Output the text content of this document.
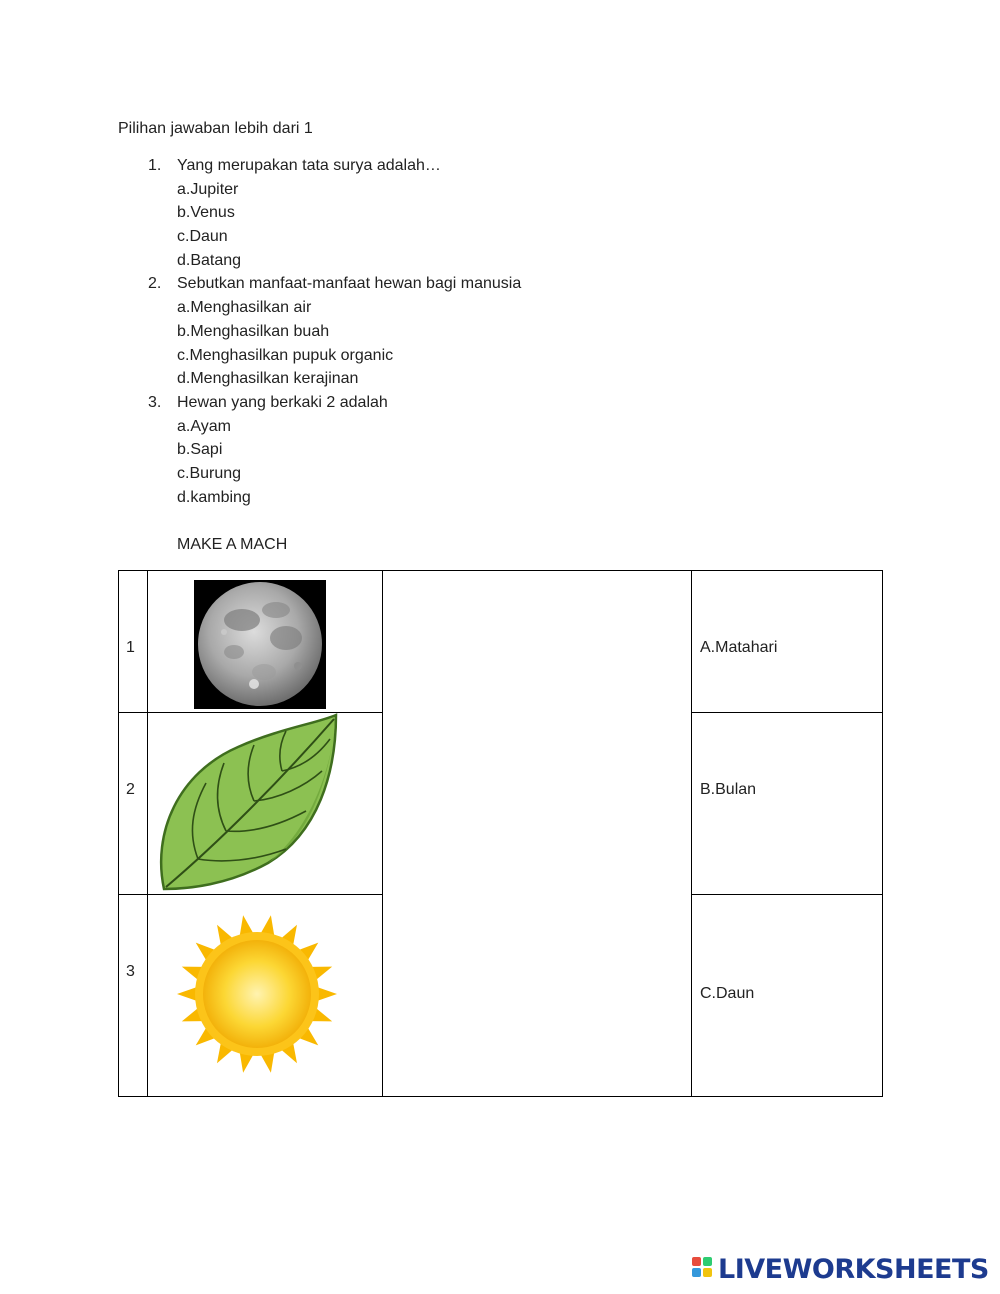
Pilihan jawaban lebih dari 1
1. Yang merupakan tata surya adalah…
a.Jupiter
b.Venus
c.Daun
d.Batang
2. Sebutkan manfaat-manfaat hewan bagi manusia
a.Menghasilkan air
b.Menghasilkan buah
c.Menghasilkan pupuk organic
d.Menghasilkan kerajinan
3. Hewan yang berkaki 2 adalah
a.Ayam
b.Sapi
c.Burung
d.kambing
MAKE A MACH
1
2
3
A.Matahari
B.Bulan
C.Daun
LIVEWORKSHEETS
